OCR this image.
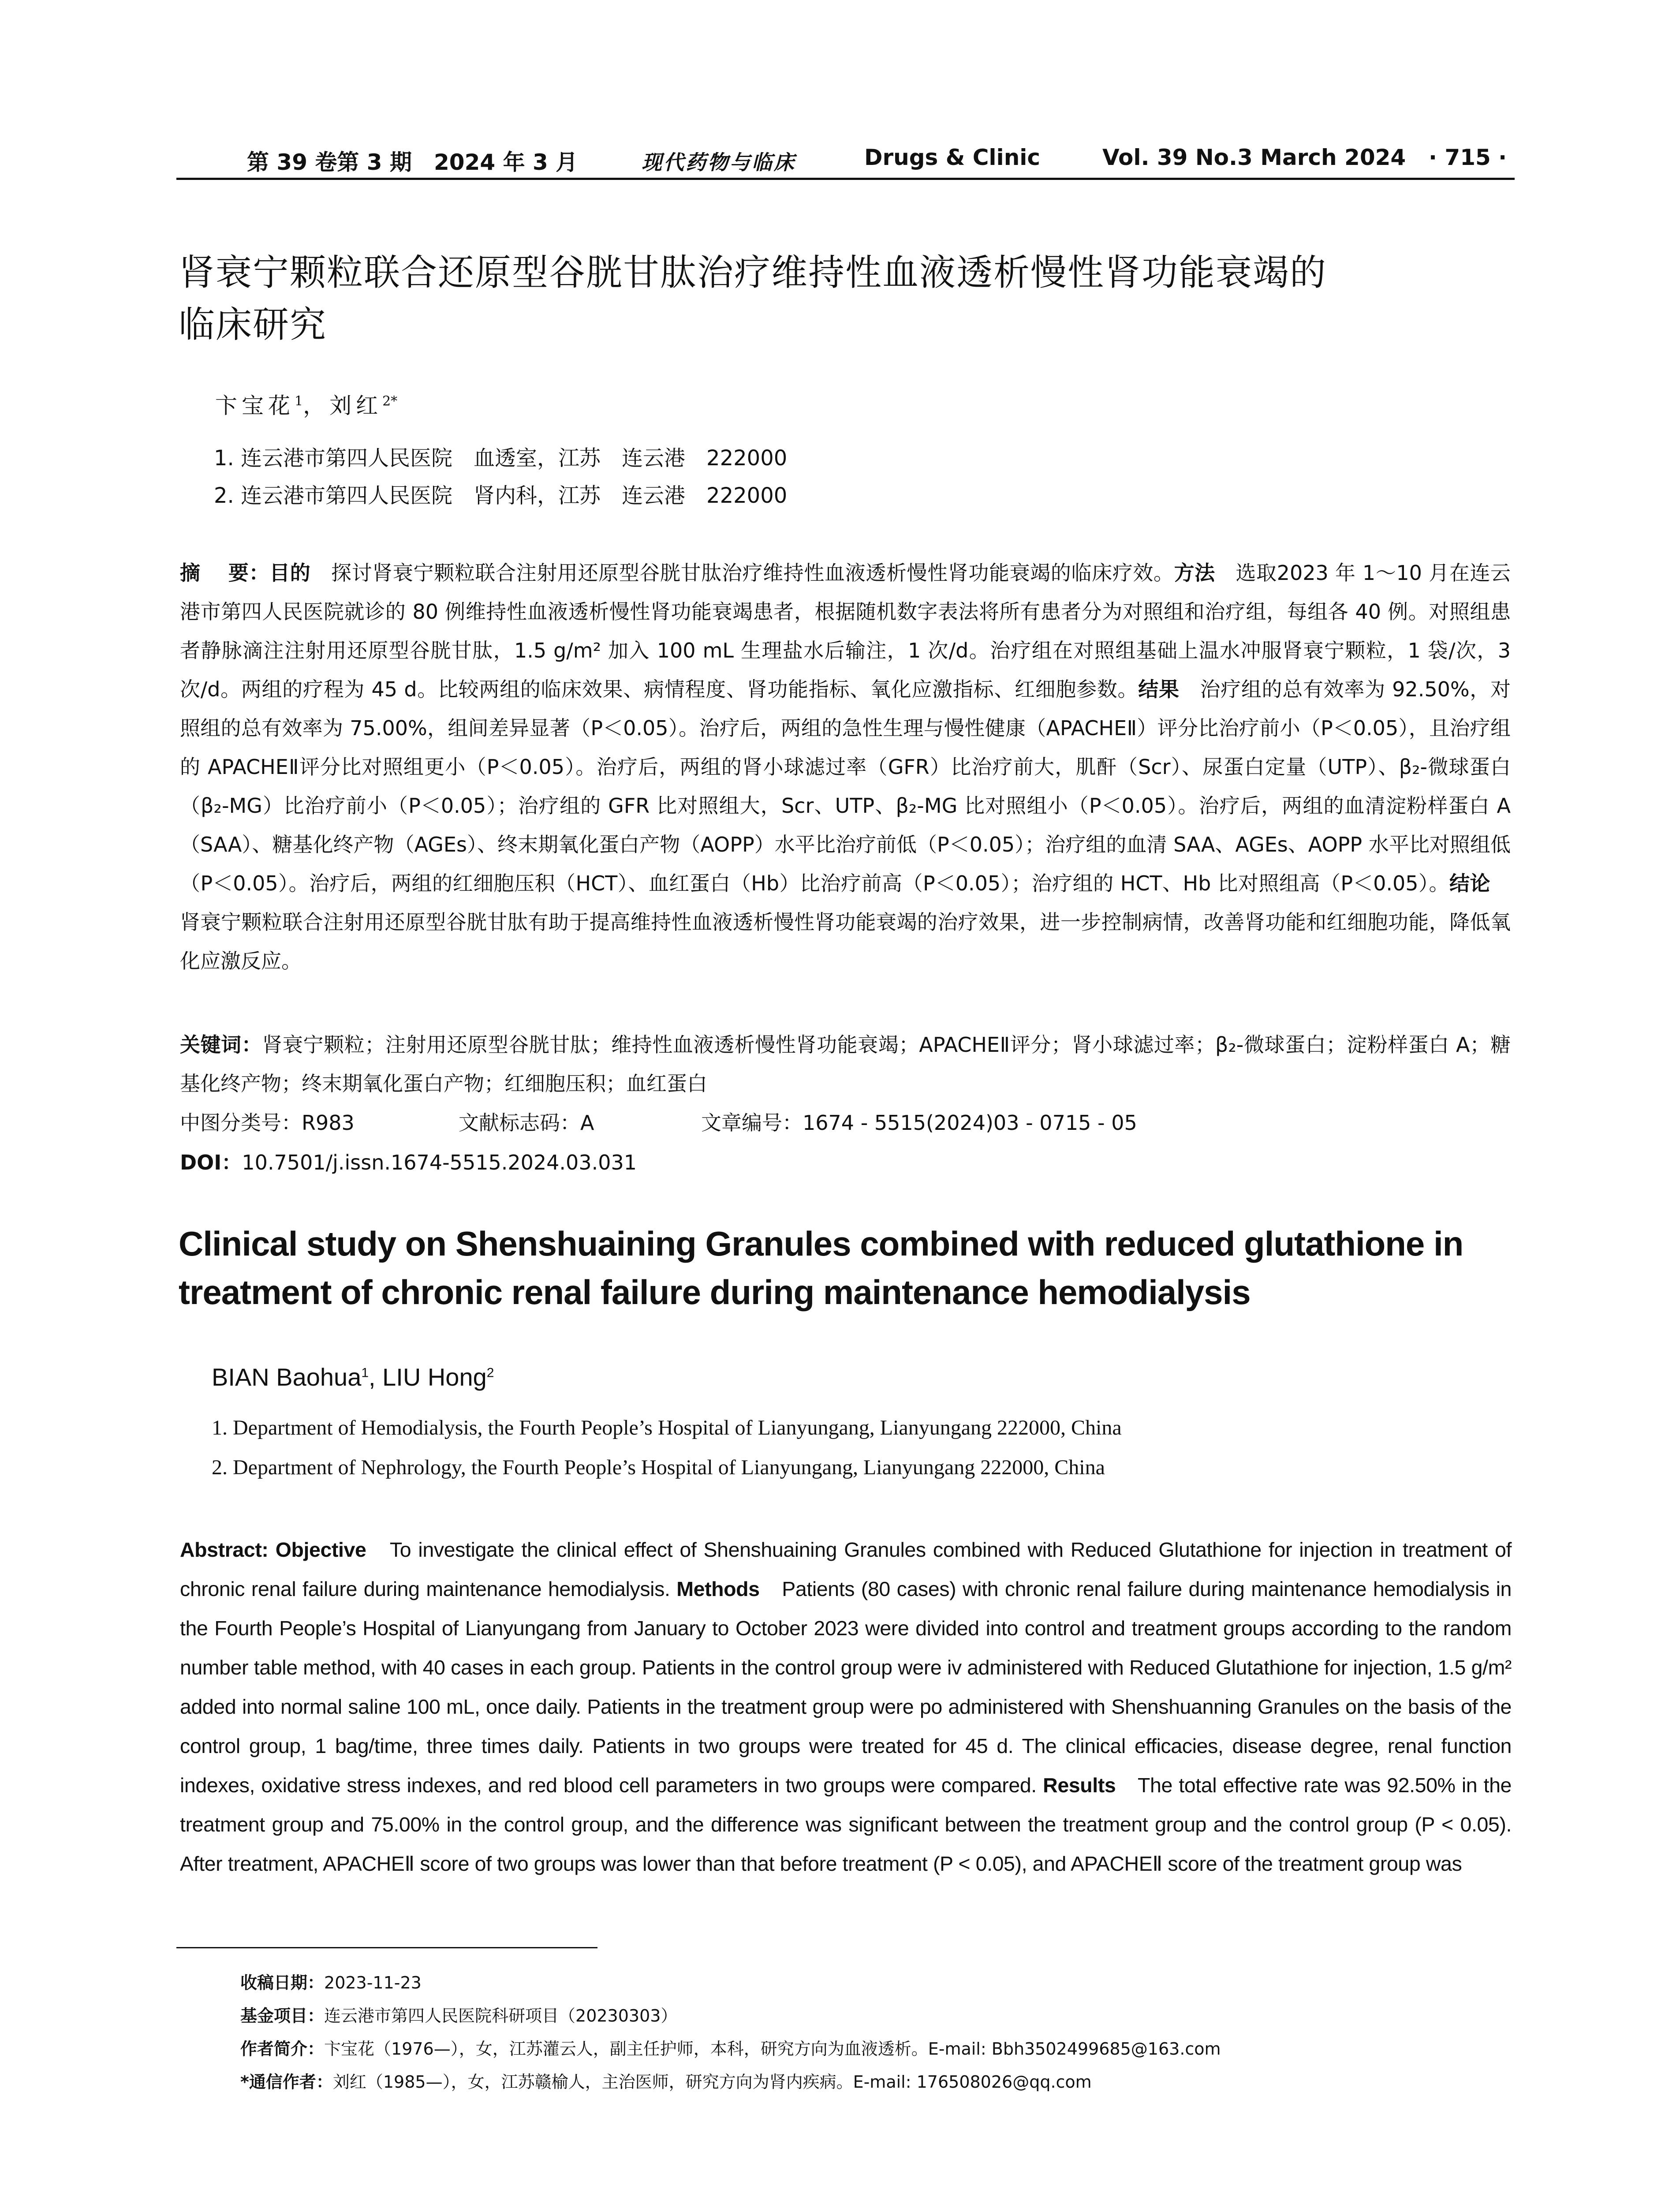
第 39 卷第 3 期　2024 年 3 月	现代药物与临床	Drugs & Clinic	Vol. 39 No.3 March 2024 · 715 ·
肾衰宁颗粒联合还原型谷胱甘肽治疗维持性血液透析慢性肾功能衰竭的
临床研究
卞宝花$^1$，刘红$^{2*}$
1. 连云港市第四人民医院　血透室，江苏　连云港　222000
2. 连云港市第四人民医院　肾内科，江苏　连云港　222000
摘　 要：目的　探讨肾衰宁颗粒联合注射用还原型谷胱甘肽治疗维持性血液透析慢性肾功能衰竭的临床疗效。方法　选取2023 年 1～10 月在连云港市第四人民医院就诊的 80 例维持性血液透析慢性肾功能衰竭患者，根据随机数字表法将所有患者分为对照组和治疗组，每组各 40 例。对照组患者静脉滴注注射用还原型谷胱甘肽，1.5 g/m² 加入 100 mL 生理盐水后输注，1 次/d。治疗组在对照组基础上温水冲服肾衰宁颗粒，1 袋/次，3 次/d。两组的疗程为 45 d。比较两组的临床效果、病情程度、肾功能指标、氧化应激指标、红细胞参数。结果　治疗组的总有效率为 92.50%，对照组的总有效率为 75.00%，组间差异显著（P＜0.05）。治疗后，两组的急性生理与慢性健康（APACHEⅡ）评分比治疗前小（P＜0.05），且治疗组的 APACHEⅡ评分比对照组更小（P＜0.05）。治疗后，两组的肾小球滤过率（GFR）比治疗前大，肌酐（Scr）、尿蛋白定量（UTP）、β₂-微球蛋白（β₂-MG）比治疗前小（P＜0.05）；治疗组的 GFR 比对照组大，Scr、UTP、β₂-MG 比对照组小（P＜0.05）。治疗后，两组的血清淀粉样蛋白 A（SAA）、糖基化终产物（AGEs）、终末期氧化蛋白产物（AOPP）水平比治疗前低（P＜0.05）；治疗组的血清 SAA、AGEs、AOPP 水平比对照组低（P＜0.05）。治疗后，两组的红细胞压积（HCT）、血红蛋白（Hb）比治疗前高（P＜0.05）；治疗组的 HCT、Hb 比对照组高（P＜0.05）。结论　肾衰宁颗粒联合注射用还原型谷胱甘肽有助于提高维持性血液透析慢性肾功能衰竭的治疗效果，进一步控制病情，改善肾功能和红细胞功能，降低氧化应激反应。
关键词：肾衰宁颗粒；注射用还原型谷胱甘肽；维持性血液透析慢性肾功能衰竭；APACHEⅡ评分；肾小球滤过率；β₂-微球蛋白；淀粉样蛋白 A；糖基化终产物；终末期氧化蛋白产物；红细胞压积；血红蛋白
中图分类号：R983	文献标志码：A	文章编号：1674 - 5515(2024)03 - 0715 - 05
DOI：10.7501/j.issn.1674-5515.2024.03.031
Clinical study on Shenshuaining Granules combined with reduced glutathione in
treatment of chronic renal failure during maintenance hemodialysis
BIAN Baohua$^1$, LIU Hong$^2$
1. Department of Hemodialysis, the Fourth People’s Hospital of Lianyungang, Lianyungang 222000, China
2. Department of Nephrology, the Fourth People’s Hospital of Lianyungang, Lianyungang 222000, China
Abstract: Objective　To investigate the clinical effect of Shenshuaining Granules combined with Reduced Glutathione for injection in treatment of chronic renal failure during maintenance hemodialysis. Methods　Patients (80 cases) with chronic renal failure during maintenance hemodialysis in the Fourth People’s Hospital of Lianyungang from January to October 2023 were divided into control and treatment groups according to the random number table method, with 40 cases in each group. Patients in the control group were iv administered with Reduced Glutathione for injection, 1.5 g/m² added into normal saline 100 mL, once daily. Patients in the treatment group were po administered with Shenshuanning Granules on the basis of the control group, 1 bag/time, three times daily. Patients in two groups were treated for 45 d. The clinical efficacies, disease degree, renal function indexes, oxidative stress indexes, and red blood cell parameters in two groups were compared. Results　The total effective rate was 92.50% in the treatment group and 75.00% in the control group, and the difference was significant between the treatment group and the control group (P < 0.05). After treatment, APACHEⅡ score of two groups was lower than that before treatment (P < 0.05), and APACHEⅡ score of the treatment group was
收稿日期：2023-11-23
基金项目：连云港市第四人民医院科研项目（20230303）
作者简介：卞宝花（1976—），女，江苏灌云人，副主任护师，本科，研究方向为血液透析。E-mail: Bbh3502499685@163.com
*通信作者：刘红（1985—），女，江苏赣榆人，主治医师，研究方向为肾内疾病。E-mail: 176508026@qq.com
